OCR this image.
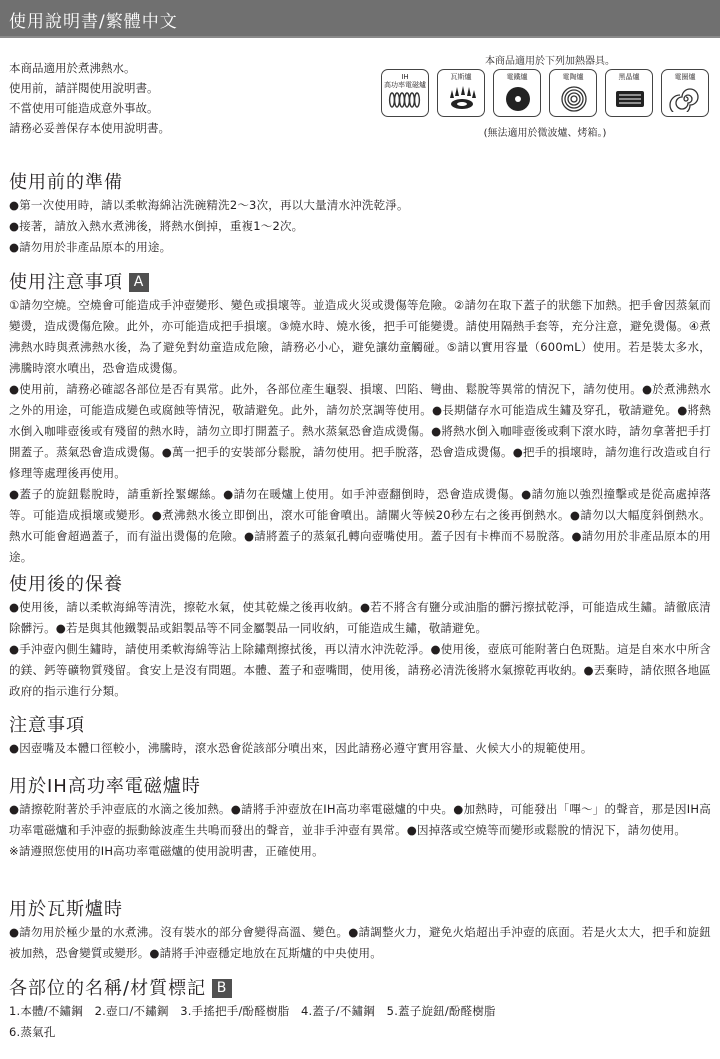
使用說明書/繁體中文
本商品適用於煮沸熱水。
使用前，請詳閱使用說明書。
不當使用可能造成意外事故。
請務必妥善保存本使用說明書。
本商品適用於下列加熱器具。
IH
高功率電磁爐
瓦斯爐	電鐵爐	電陶爐	黑晶爐	電圈爐
(無法適用於微波爐、烤箱。)
使用前的準備

●第一次使用時，請以柔軟海綿沾洗碗精洗2～3次，再以大量清水沖洗乾淨。

●接著，請放入熱水煮沸後，將熱水倒掉，重複1～2次。

●請勿用於非產品原本的用途。

使用注意事項 A

①請勿空燒。空燒會可能造成手沖壺變形、變色或損壞等。並造成火災或燙傷等危險。②請勿在取下蓋子的狀態下加熱。把手會因蒸氣而變燙，造成燙傷危險。此外，亦可能造成把手損壞。③燒水時、燒水後，把手可能變燙。請使用隔熱手套等，充分注意，避免燙傷。④煮沸熱水時與煮沸熱水後，為了避免對幼童造成危險，請務必小心，避免讓幼童觸碰。⑤請以實用容量（600mL）使用。若是裝太多水，沸騰時滾水噴出，恐會造成燙傷。

●使用前，請務必確認各部位是否有異常。此外，各部位產生龜裂、損壞、凹陷、彎曲、鬆脫等異常的情況下，請勿使用。●於煮沸熱水之外的用途，可能造成變色或腐蝕等情況，敬請避免。此外，請勿於烹調等使用。●長期儲存水可能造成生鏽及穿孔，敬請避免。●將熱水倒入咖啡壺後或有殘留的熱水時，請勿立即打開蓋子。熱水蒸氣恐會造成燙傷。●將熱水倒入咖啡壺後或剩下滾水時，請勿拿著把手打開蓋子。蒸氣恐會造成燙傷。●萬一把手的安裝部分鬆脫，請勿使用。把手脫落，恐會造成燙傷。●把手的損壞時，請勿進行改造或自行修理等處理後再使用。

●蓋子的旋鈕鬆脫時，請重新拴緊螺絲。●請勿在暖爐上使用。如手沖壺翻倒時，恐會造成燙傷。●請勿施以強烈撞擊或是從高處掉落等。可能造成損壞或變形。●煮沸熱水後立即倒出，滾水可能會噴出。請關火等候20秒左右之後再倒熱水。●請勿以大幅度斜倒熱水。熱水可能會超過蓋子，而有溢出燙傷的危險。●請將蓋子的蒸氣孔轉向壺嘴使用。蓋子因有卡榫而不易脫落。●請勿用於非產品原本的用途。

使用後的保養

●使用後，請以柔軟海綿等清洗，擦乾水氣，使其乾燥之後再收納。●若不將含有鹽分或油脂的髒污擦拭乾淨，可能造成生鏽。請徹底清除髒污。●若是與其他鐵製品或鋁製品等不同金屬製品一同收納，可能造成生鏽，敬請避免。

●手沖壺內側生鏽時，請使用柔軟海綿等沾上除鏽劑擦拭後，再以清水沖洗乾淨。●使用後，壺底可能附著白色斑點。這是自來水中所含的鎂、鈣等礦物質殘留。食安上是沒有問題。本體、蓋子和壺嘴間，使用後，請務必清洗後將水氣擦乾再收納。●丟棄時，請依照各地區政府的指示進行分類。

注意事項

●因壺嘴及本體口徑較小，沸騰時，滾水恐會從該部分噴出來，因此請務必遵守實用容量、火候大小的規範使用。

用於IH高功率電磁爐時

●請擦乾附著於手沖壺底的水滴之後加熱。●請將手沖壺放在IH高功率電磁爐的中央。●加熱時，可能發出「嗶～」的聲音，那是因IH高功率電磁爐和手沖壺的振動餘波產生共鳴而發出的聲音，並非手沖壺有異常。●因掉落或空燒等而變形或鬆脫的情況下，請勿使用。

※請遵照您使用的IH高功率電磁爐的使用說明書，正確使用。

用於瓦斯爐時

●請勿用於極少量的水煮沸。沒有裝水的部分會變得高溫、變色。●請調整火力，避免火焰超出手沖壺的底面。若是火太大，把手和旋鈕被加熱，恐會變質或變形。●請將手沖壺穩定地放在瓦斯爐的中央使用。

各部位的名稱/材質標記 B

1.本體/不鏽鋼　2.壺口/不鏽鋼　3.手搖把手/酚醛樹脂　4.蓋子/不鏽鋼　5.蓋子旋鈕/酚醛樹脂

6.蒸氣孔
